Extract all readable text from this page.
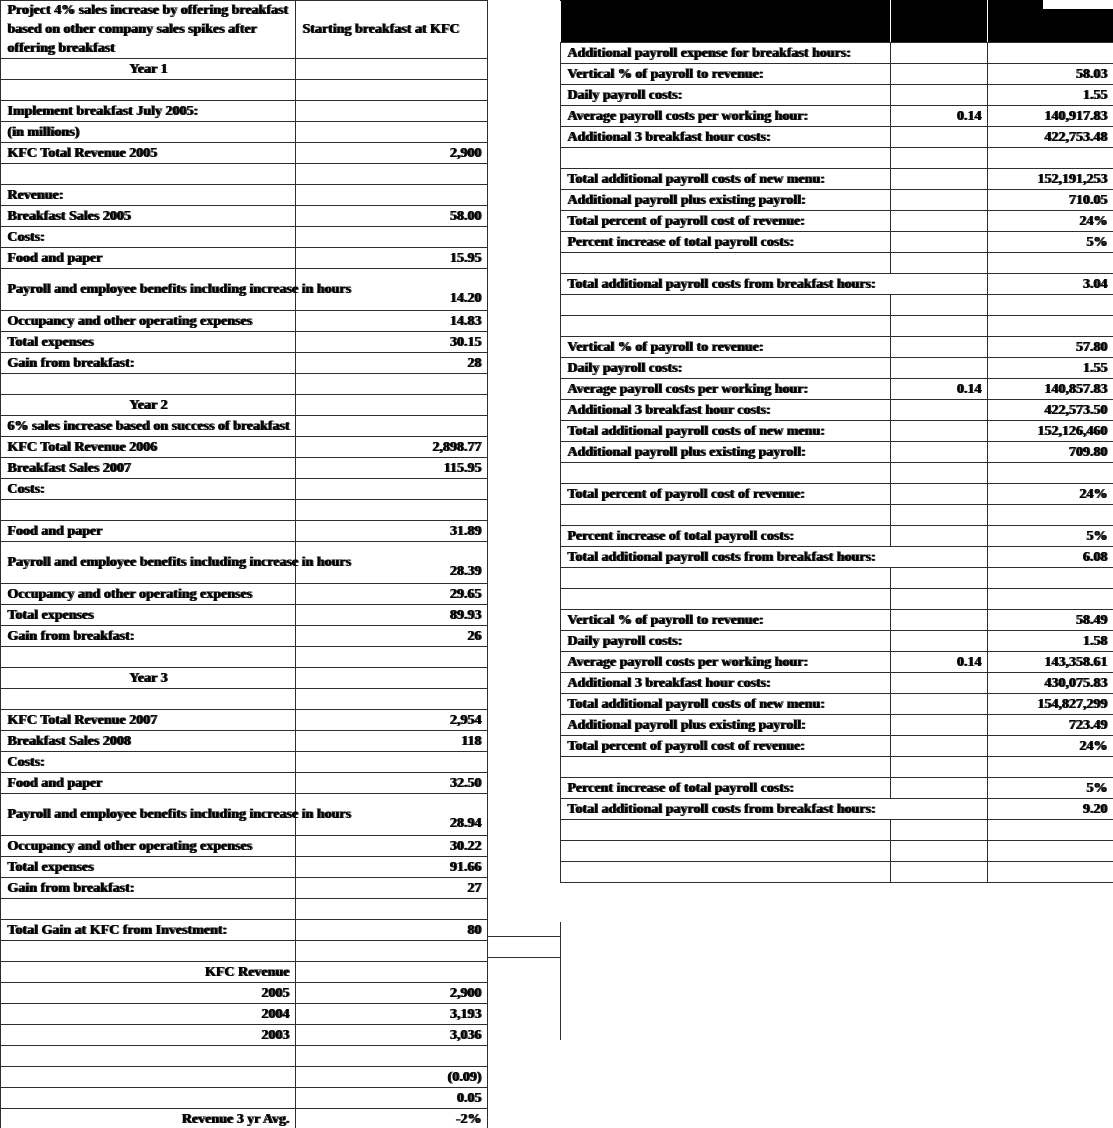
Project 4% sales increase by offering breakfast based on other company sales spikes after offering breakfast	Starting breakfast at KFC	
Year 1		

Implement breakfast July 2005:		
(in millions)		
KFC Total Revenue 2005	2,900	

Revenue:		
Breakfast Sales 2005	58.00	
Costs:		
Food and paper	15.95	
Payroll and employee benefits including increase in hours	14.20	
Occupancy and other operating expenses	14.83	
Total expenses	30.15	
Gain from breakfast:	28	

Year 2		
6% sales increase based on success of breakfast		
KFC Total Revenue 2006	2,898.77	
Breakfast Sales 2007	115.95	
Costs:		

Food and paper	31.89	
Payroll and employee benefits including increase in hours	28.39	
Occupancy and other operating expenses	29.65	
Total expenses	89.93	
Gain from breakfast:	26	

Year 3		

KFC Total Revenue 2007	2,954	
Breakfast Sales 2008	118	
Costs:		
Food and paper	32.50	
Payroll and employee benefits including increase in hours	28.94	
Occupancy and other operating expenses	30.22	
Total expenses	91.66	
Gain from breakfast:	27	

Total Gain at KFC from Investment:	80	

KFC Revenue		
2005	2,900	
2004	3,193	
2003	3,036	

	(0.09)	
	0.05	
Revenue 3 yr Avg.	-2%	
Additional payroll expense for breakfast hours:		
Vertical % of payroll to revenue:		58.03
Daily payroll costs:		1.55
Average payroll costs per working hour:	0.14	140,917.83
Additional 3 breakfast hour costs:		422,753.48

Total additional payroll costs of new menu:		152,191,253
Additional payroll plus existing payroll:		710.05
Total percent of payroll cost of revenue:		24%
Percent increase of total payroll costs:		5%

Total additional payroll costs from breakfast hours:		3.04

Vertical % of payroll to revenue:		57.80
Daily payroll costs:		1.55
Average payroll costs per working hour:	0.14	140,857.83
Additional 3 breakfast hour costs:		422,573.50
Total additional payroll costs of new menu:		152,126,460
Additional payroll plus existing payroll:		709.80

Total percent of payroll cost of revenue:		24%

Percent increase of total payroll costs:		5%
Total additional payroll costs from breakfast hours:		6.08

Vertical % of payroll to revenue:		58.49
Daily payroll costs:		1.58
Average payroll costs per working hour:	0.14	143,358.61
Additional 3 breakfast hour costs:		430,075.83
Total additional payroll costs of new menu:		154,827,299
Additional payroll plus existing payroll:		723.49
Total percent of payroll cost of revenue:		24%

Percent increase of total payroll costs:		5%
Total additional payroll costs from breakfast hours:		9.20
